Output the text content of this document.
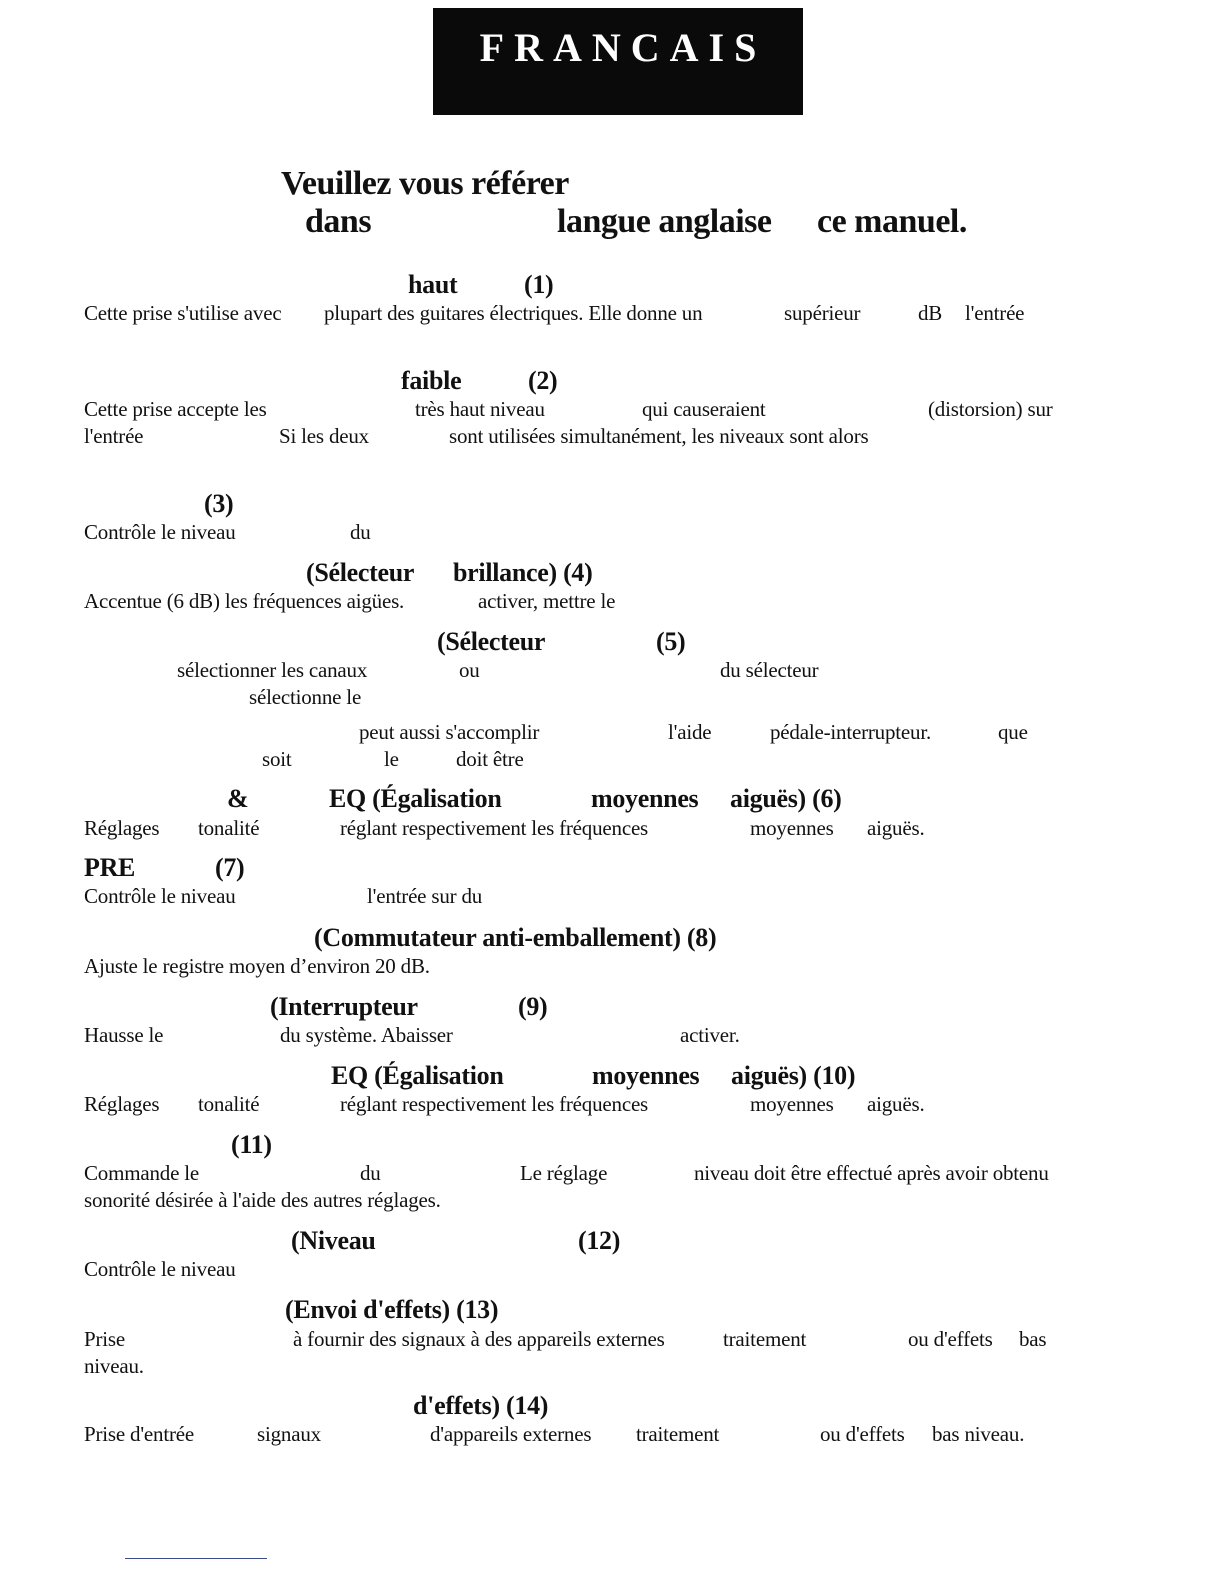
FRANCAIS
Veuillez vous référer
dans	langue anglaise ce manuel.
haut	(1)
Cette prise s'utilise avec plupart des guitares électriques. Elle donne un	supérieur	dB l'entrée
faible	(2)
Cette prise accepte les	très haut niveau	qui causeraient	(distorsion) sur
l'entrée	Si les deux	sont utilisées simultanément, les niveaux sont alors
(3)
Contrôle le niveau	du
(Sélecteur brillance) (4)
Accentue (6 dB) les fréquences aigües.	activer, mettre le
(Sélecteur	(5)
sélectionner les canaux	ou	du sélecteur
sélectionne le
peut aussi s'accomplir	l'aide	pédale-interrupteur.	que
soit	le	doit être
&	EQ (Égalisation	moyennes aiguës) (6)
Réglages tonalité	réglant respectivement les fréquences	moyennes aiguës.
PRE	(7)
Contrôle le niveau	l'entrée sur du
(Commutateur anti-emballement) (8)
Ajuste le registre moyen d’environ 20 dB.
(Interrupteur	(9)
Hausse le	du système. Abaisser	activer.
EQ (Égalisation	moyennes aiguës) (10)
Réglages tonalité	réglant respectivement les fréquences	moyennes aiguës.
(11)
Commande le	du	Le réglage	niveau doit être effectué après avoir obtenu
sonorité désirée à l'aide des autres réglages.
(Niveau	(12)
Contrôle le niveau
(Envoi d'effets) (13)
Prise	à fournir des signaux à des appareils externes	traitement	ou d'effets bas
niveau.
d'effets) (14)
Prise d'entrée	signaux	d'appareils externes traitement	ou d'effets bas niveau.
